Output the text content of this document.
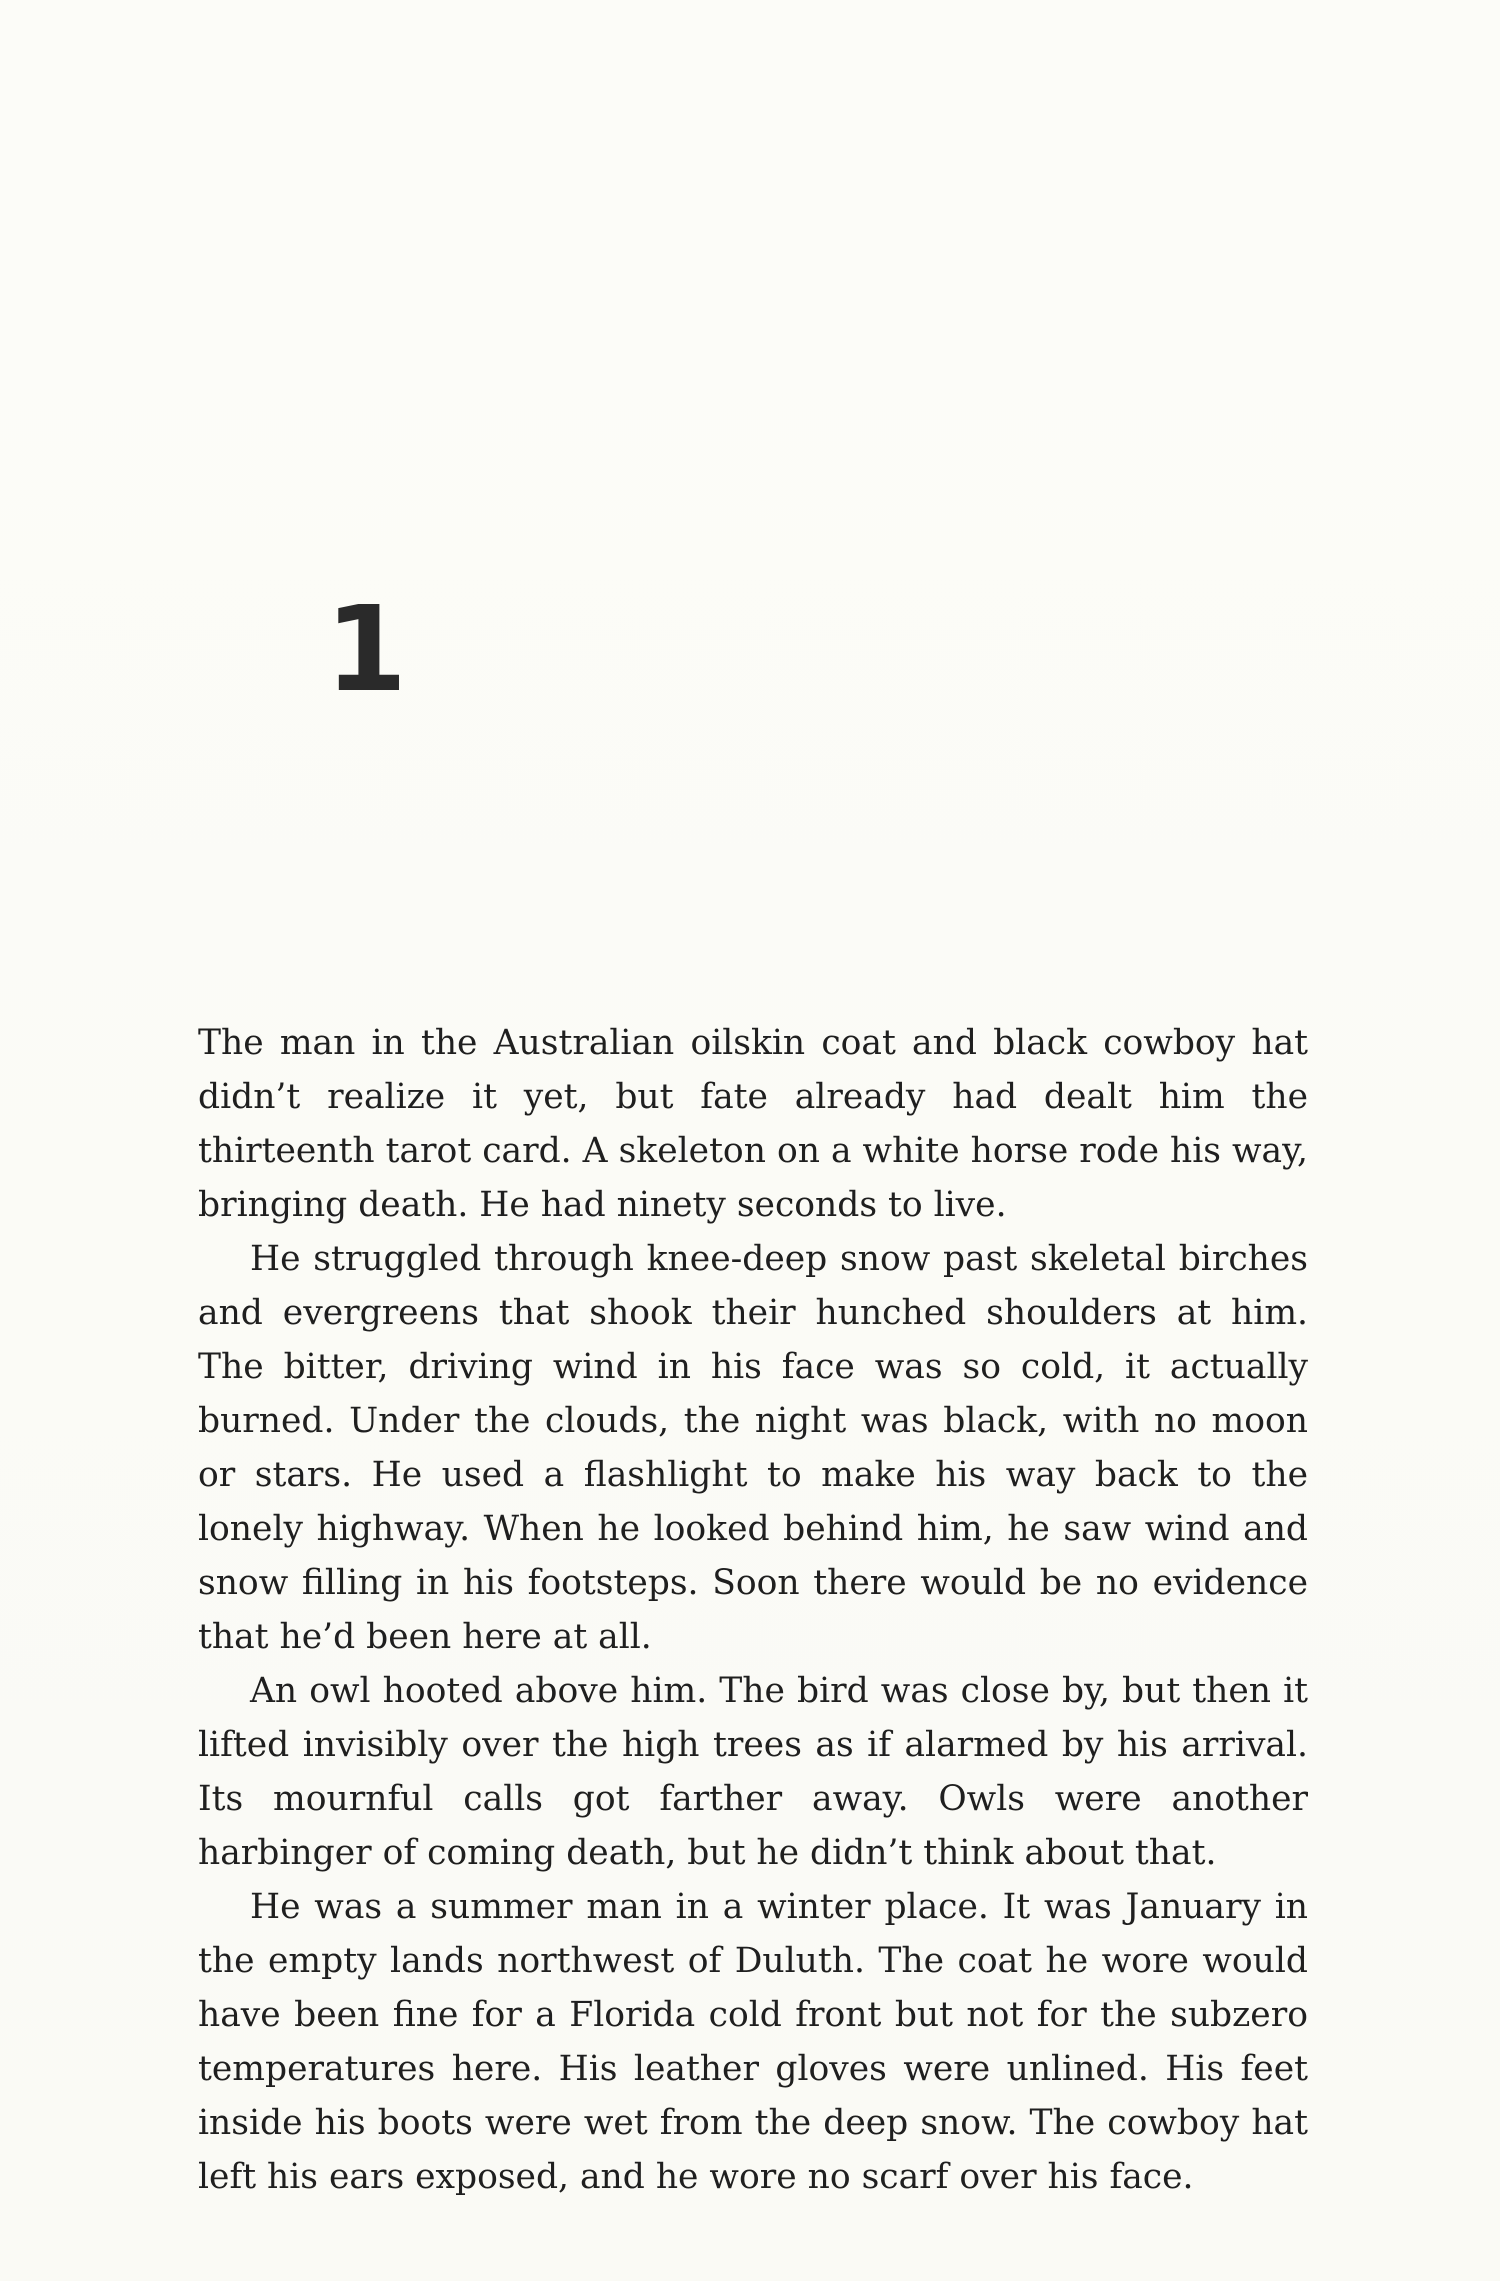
1

The man in the Australian oilskin coat and black cowboy hat didn’t realize it yet, but fate already had dealt him the thirteenth tarot card. A skeleton on a white horse rode his way, bringing death. He had ninety seconds to live.

He struggled through knee-deep snow past skeletal birches and evergreens that shook their hunched shoulders at him. The bitter, driving wind in his face was so cold, it actually burned. Under the clouds, the night was black, with no moon or stars. He used a flashlight to make his way back to the lonely highway. When he looked behind him, he saw wind and snow filling in his footsteps. Soon there would be no evidence that he’d been here at all.

An owl hooted above him. The bird was close by, but then it lifted invisibly over the high trees as if alarmed by his arrival. Its mournful calls got farther away. Owls were another harbinger of coming death, but he didn’t think about that.

He was a summer man in a winter place. It was January in the empty lands northwest of Duluth. The coat he wore would have been fine for a Florida cold front but not for the subzero temperatures here. His leather gloves were unlined. His feet inside his boots were wet from the deep snow. The cowboy hat left his ears exposed, and he wore no scarf over his face.
